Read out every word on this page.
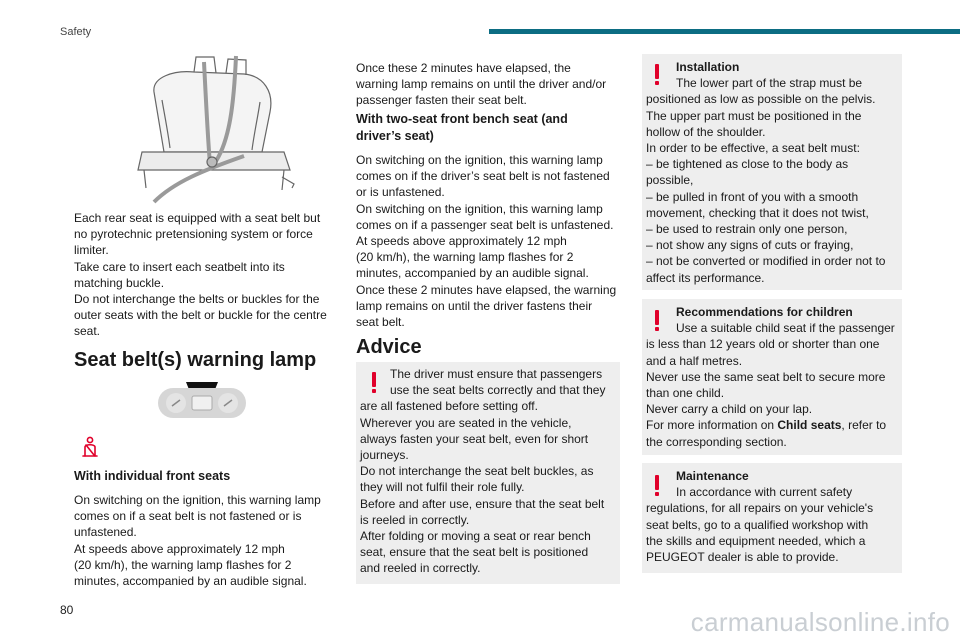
Safety

Each rear seat is equipped with a seat belt but

no pyrotechnic pretensioning system or force

limiter.

Take care to insert each seatbelt into its

matching buckle.

Do not interchange the belts or buckles for the

outer seats with the belt or buckle for the centre

seat.

Seat belt(s) warning lamp

With individual front seats

On switching on the ignition, this warning lamp

comes on if a seat belt is not fastened or is

unfastened.

At speeds above approximately 12 mph

(20 km/h), the warning lamp flashes for 2

minutes, accompanied by an audible signal.

Once these 2 minutes have elapsed, the

warning lamp remains on until the driver and/or

passenger fasten their seat belt.

With two-seat front bench seat (and

driver’s seat)

On switching on the ignition, this warning lamp

comes on if the driver’s seat belt is not fastened

or is unfastened.

On switching on the ignition, this warning lamp

comes on if a passenger seat belt is unfastened.

At speeds above approximately 12 mph

(20 km/h), the warning lamp flashes for 2

minutes, accompanied by an audible signal.

Once these 2 minutes have elapsed, the warning

lamp remains on until the driver fastens their

seat belt.

Advice

The driver must ensure that passengers

use the seat belts correctly and that they

are all fastened before setting off.

Wherever you are seated in the vehicle,

always fasten your seat belt, even for short

journeys.

Do not interchange the seat belt buckles, as

they will not fulfil their role fully.

Before and after use, ensure that the seat belt

is reeled in correctly.

After folding or moving a seat or rear bench

seat, ensure that the seat belt is positioned

and reeled in correctly.

Installation

The lower part of the strap must be

positioned as low as possible on the pelvis.

The upper part must be positioned in the

hollow of the shoulder.

In order to be effective, a seat belt must:

– be tightened as close to the body as

possible,

– be pulled in front of you with a smooth

movement, checking that it does not twist,

– be used to restrain only one person,

– not show any signs of cuts or fraying,

– not be converted or modified in order not to

affect its performance.

Recommendations for children

Use a suitable child seat if the passenger

is less than 12 years old or shorter than one

and a half metres.

Never use the same seat belt to secure more

than one child.

Never carry a child on your lap.

For more information on Child seats, refer to

the corresponding section.

Maintenance

In accordance with current safety

regulations, for all repairs on your vehicle's

seat belts, go to a qualified workshop with

the skills and equipment needed, which a

PEUGEOT dealer is able to provide.

80	carmanualsonline.info
